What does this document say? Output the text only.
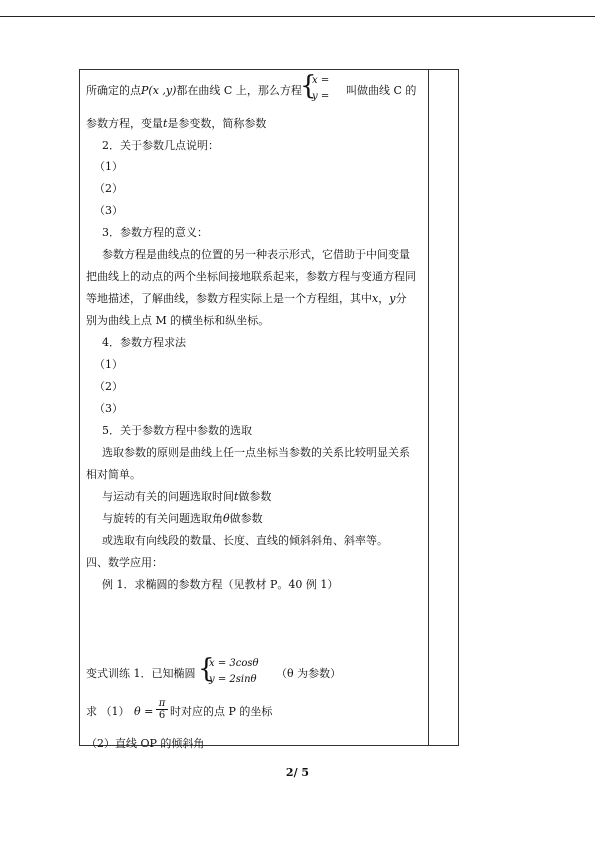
所确定的点P(x ,y)都在曲线 C 上，那么方程
{
x =
y = 叫做曲线 C 的
参数方程，变量t是参变数，简称参数
2．关于参数几点说明：
（1）
（2）
（3）
3．参数方程的意义：
参数方程是曲线点的位置的另一种表示形式，它借助于中间变量
把曲线上的动点的两个坐标间接地联系起来，参数方程与变通方程同
等地描述，了解曲线，参数方程实际上是一个方程组，其中x，y分
别为曲线上点 M 的横坐标和纵坐标。
4．参数方程求法
（1）
（2）
（3）
5．关于参数方程中参数的选取
选取参数的原则是曲线上任一点坐标当参数的关系比较明显关系
相对简单。
与运动有关的问题选取时间t做参数
与旋转的有关问题选取角θ做参数
或选取有向线段的数量、长度、直线的倾斜斜角、斜率等。
四、数学应用：
例 1．求椭圆的参数方程（见教材 P。40 例 1）
变式训练 1．已知椭圆 {
x = 3cosθ
y = 2sinθ （θ 为参数）
求 （1） $\theta = \frac{\pi}{6}$ 时对应的点 P 的坐标
（2）直线 OP 的倾斜角
2/ 5
